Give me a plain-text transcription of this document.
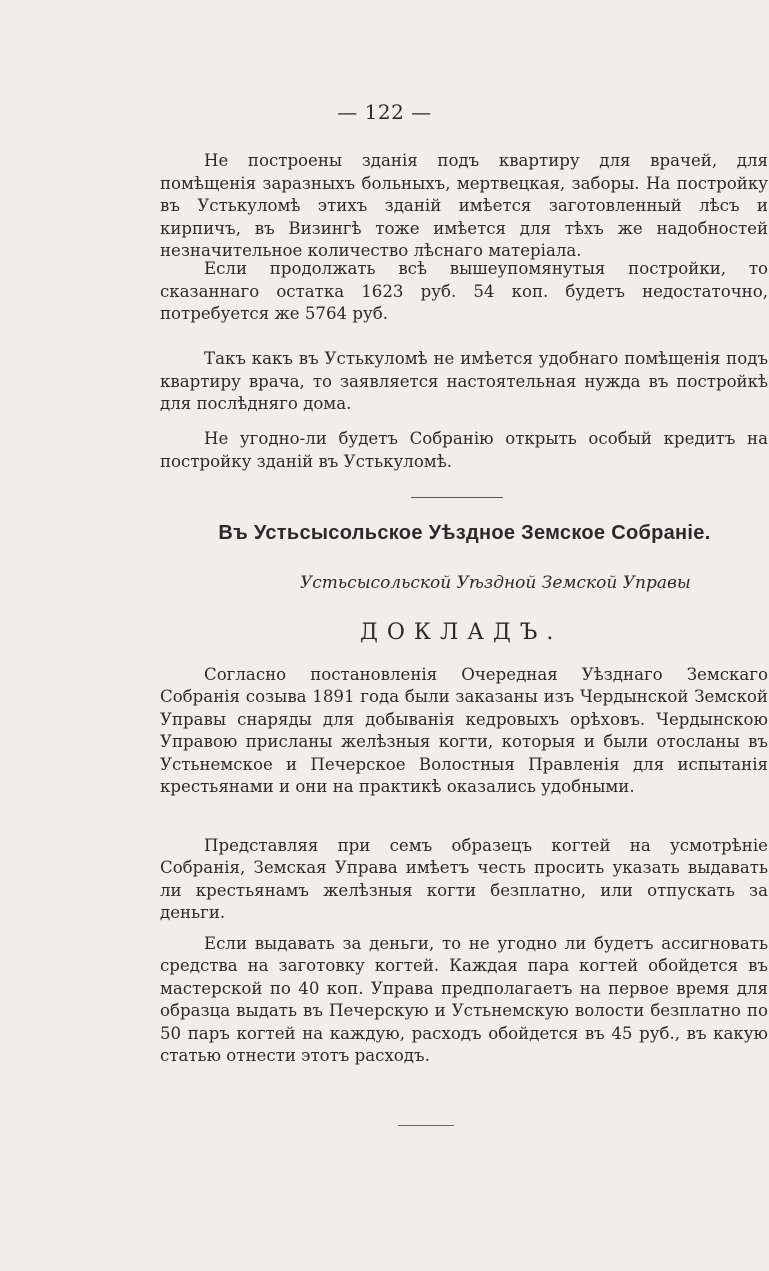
— 122 —

Не построены зданія подъ квартиру для врачей, для помѣщенія заразныхъ больныхъ, мертвецкая, заборы. На постройку въ Устькуломѣ этихъ зданій имѣется заготовленный лѣсъ и кирпичъ, въ Визингѣ тоже имѣется для тѣхъ же надобностей незначительное количество лѣснаго матеріала.

Если продолжать всѣ вышеупомянутыя постройки, то сказаннаго остатка 1623 руб. 54 коп. будетъ недостаточно, потребуется же 5764 руб.

Такъ какъ въ Устькуломѣ не имѣется удобнаго помѣщенія подъ квартиру врача, то заявляется настоятельная нужда въ постройкѣ для послѣдняго дома.

Не угодно-ли будетъ Собранію открыть особый кредитъ на постройку зданій въ Устькуломѣ.

Въ Устьсысольское Уѣздное Земское Собраніе.
Устьсысольской Уѣздной Земской Управы
ДОКЛАДЪ.

Согласно постановленія Очередная Уѣзднаго Земскаго Собранія созыва 1891 года были заказаны изъ Чердынской Земской Управы снаряды для добыванія кедровыхъ орѣховъ. Чердынскою Управою присланы желѣзныя когти, которыя и были отосланы въ Устьнемское и Печерское Волостныя Правленія для испытанія крестьянами и они на практикѣ оказались удобными.

Представляя при семъ образецъ когтей на усмотрѣніе Собранія, Земская Управа имѣетъ честь просить указать выдавать ли крестьянамъ желѣзныя когти безплатно, или отпускать за деньги.

Если выдавать за деньги, то не угодно ли будетъ ассигновать средства на заготовку когтей. Каждая пара когтей обойдется въ мастерской по 40 коп. Управа предполагаетъ на первое время для образца выдать въ Печерскую и Устьнемскую волости безплатно по 50 паръ когтей на каждую, расходъ обойдется въ 45 руб., въ какую статью отнести этотъ расходъ.
